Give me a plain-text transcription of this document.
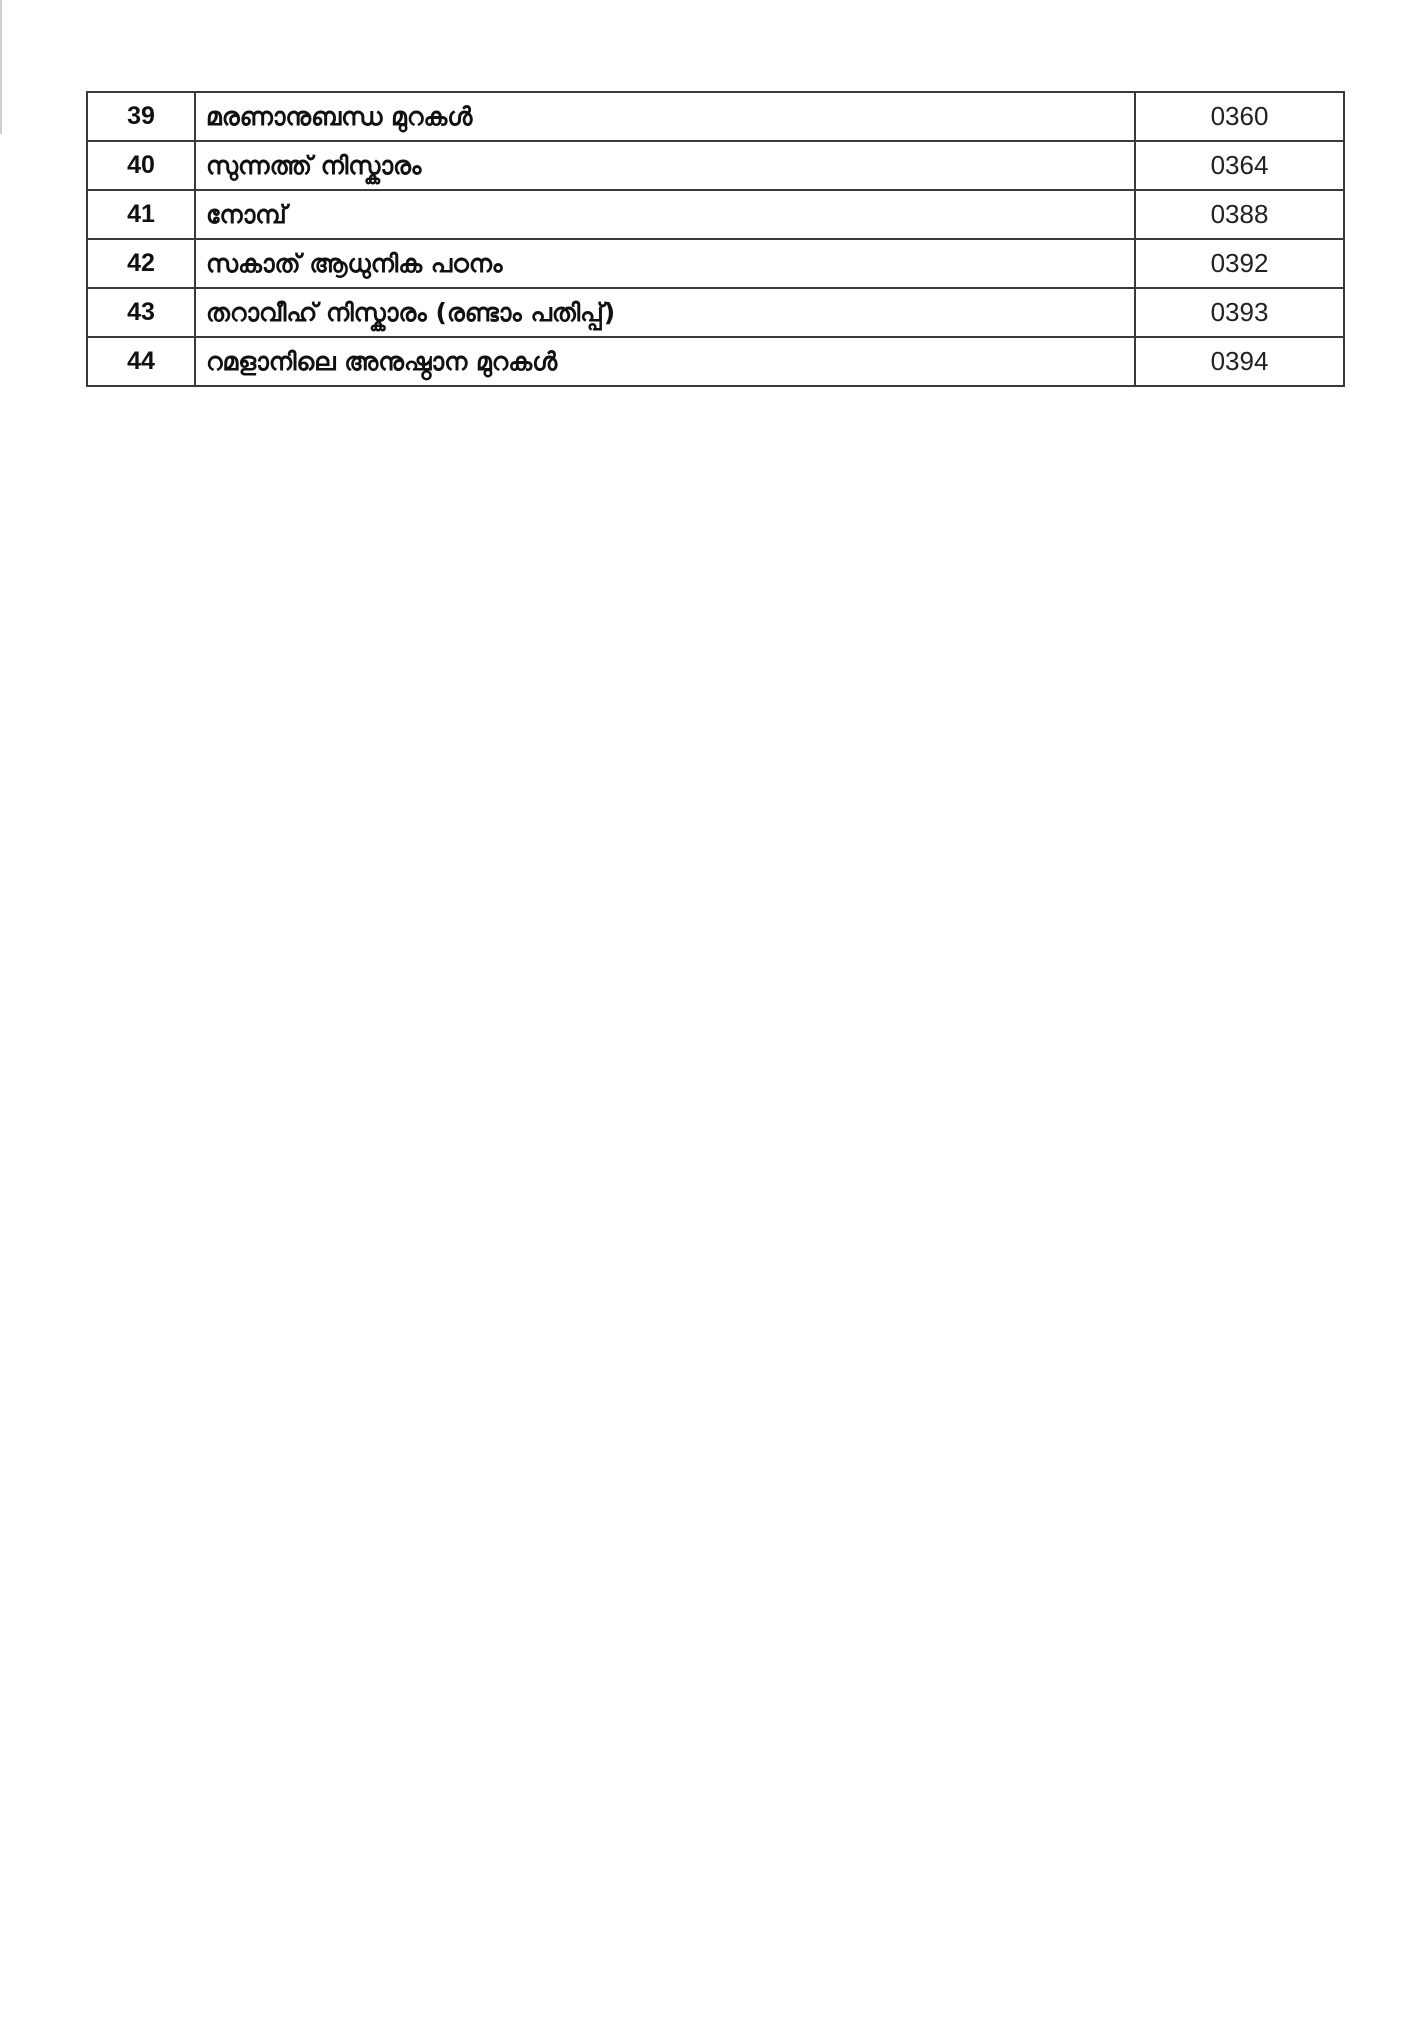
39	മരണാനുബന്ധ മുറകൾ	0360
40	സുന്നത്ത് നിസ്കാരം	0364
41	നോമ്പ്	0388
42	സകാത് ആധുനിക പഠനം	0392
43	തറാവീഹ് നിസ്കാരം (രണ്ടാം പതിപ്പ്)	0393
44	റമളാനിലെ അനുഷ്ഠാന മുറകൾ	0394
